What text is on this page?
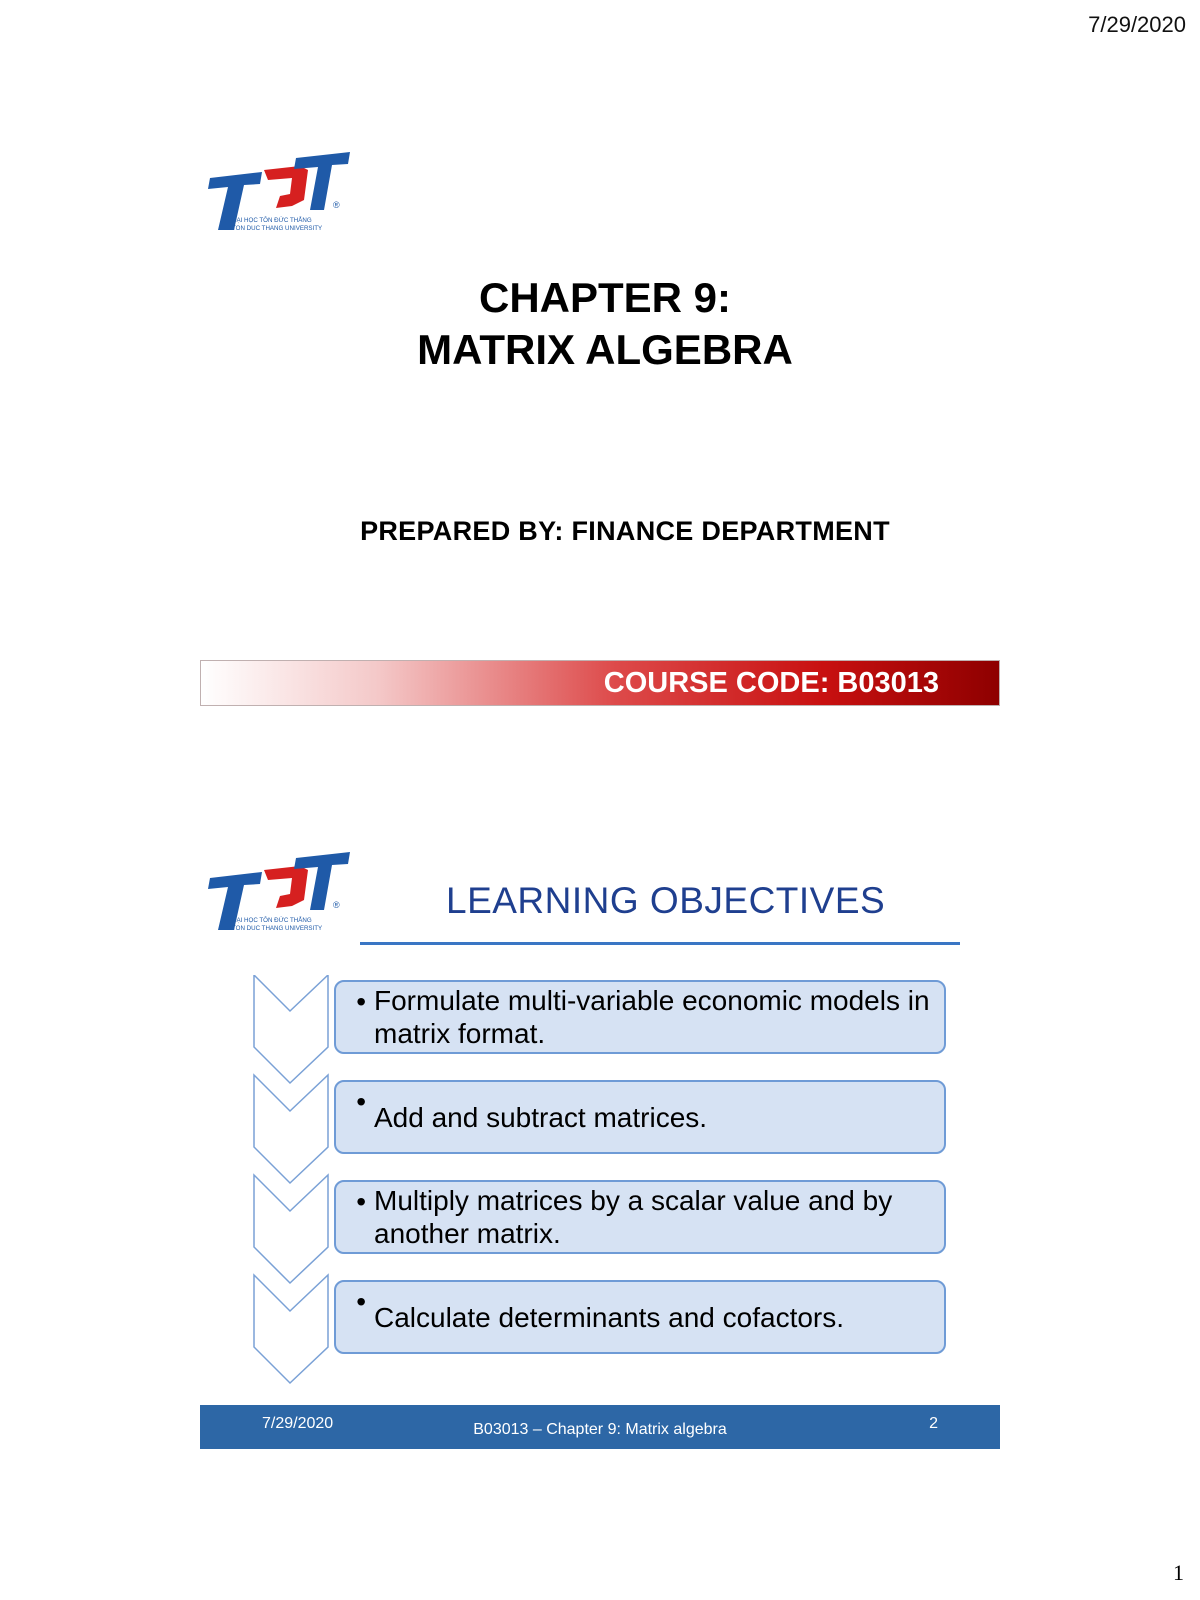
7/29/2020
1
®
ĐẠI HỌC TÔN ĐỨC THẮNG
TON DUC THANG UNIVERSITY
CHAPTER 9:
MATRIX ALGEBRA
PREPARED BY: FINANCE DEPARTMENT
COURSE CODE: B03013
®
ĐẠI HỌC TÔN ĐỨC THẮNG
TON DUC THANG UNIVERSITY
LEARNING OBJECTIVES
• Formulate multi-variable economic models in matrix format.
• Add and subtract matrices.
• Multiply matrices by a scalar value and by another matrix.
• Calculate determinants and cofactors.
7/29/2020	B03013 – Chapter 9: Matrix algebra	2
